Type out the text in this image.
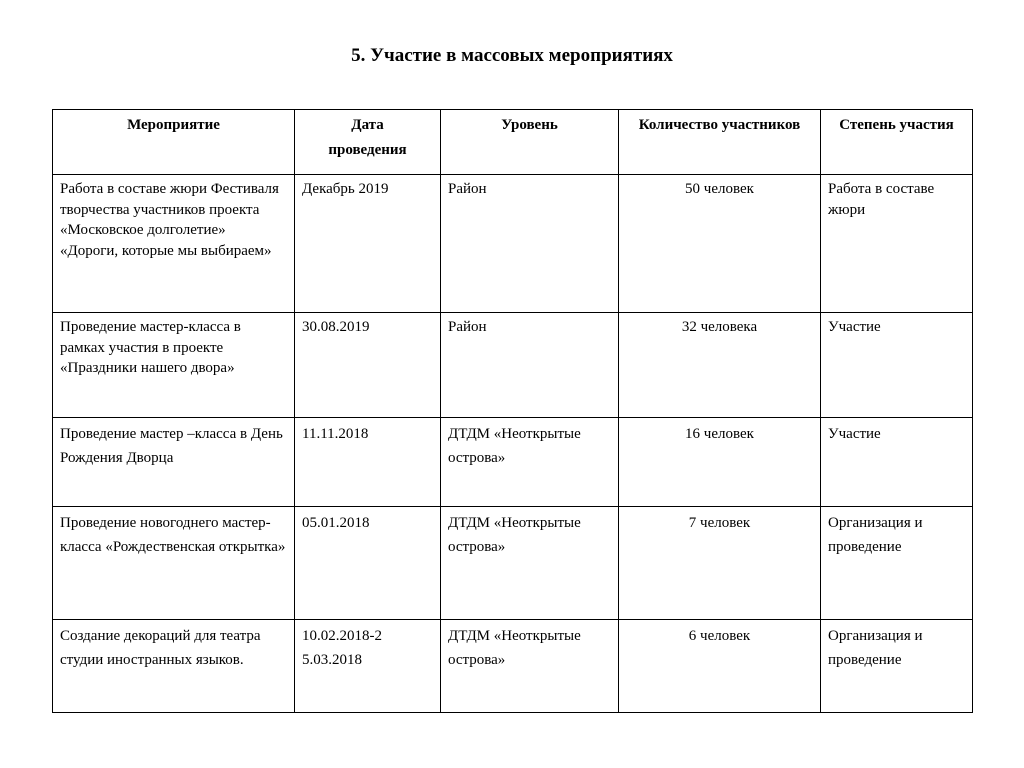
5. Участие в массовых мероприятиях
Мероприятие	Дата проведения	Уровень	Количество участников	Степень участия
Работа в составе жюри Фестиваля творчества участников проекта «Московское долголетие» «Дороги, которые мы выбираем»	Декабрь 2019	Район	50 человек	Работа в составе жюри
Проведение мастер-класса в рамках участия в проекте «Праздники нашего двора»	30.08.2019	Район	32 человека	Участие
Проведение мастер –класса в День Рождения Дворца	11.11.2018	ДТДМ «Неоткрытые острова»	16 человек	Участие
Проведение новогоднего мастер-класса «Рождественская открытка»	05.01.2018	ДТДМ «Неоткрытые острова»	7 человек	Организация и проведение
Создание декораций для театра студии иностранных языков.	10.02.2018-25.03.2018	ДТДМ «Неоткрытые острова»	6 человек	Организация и проведение
